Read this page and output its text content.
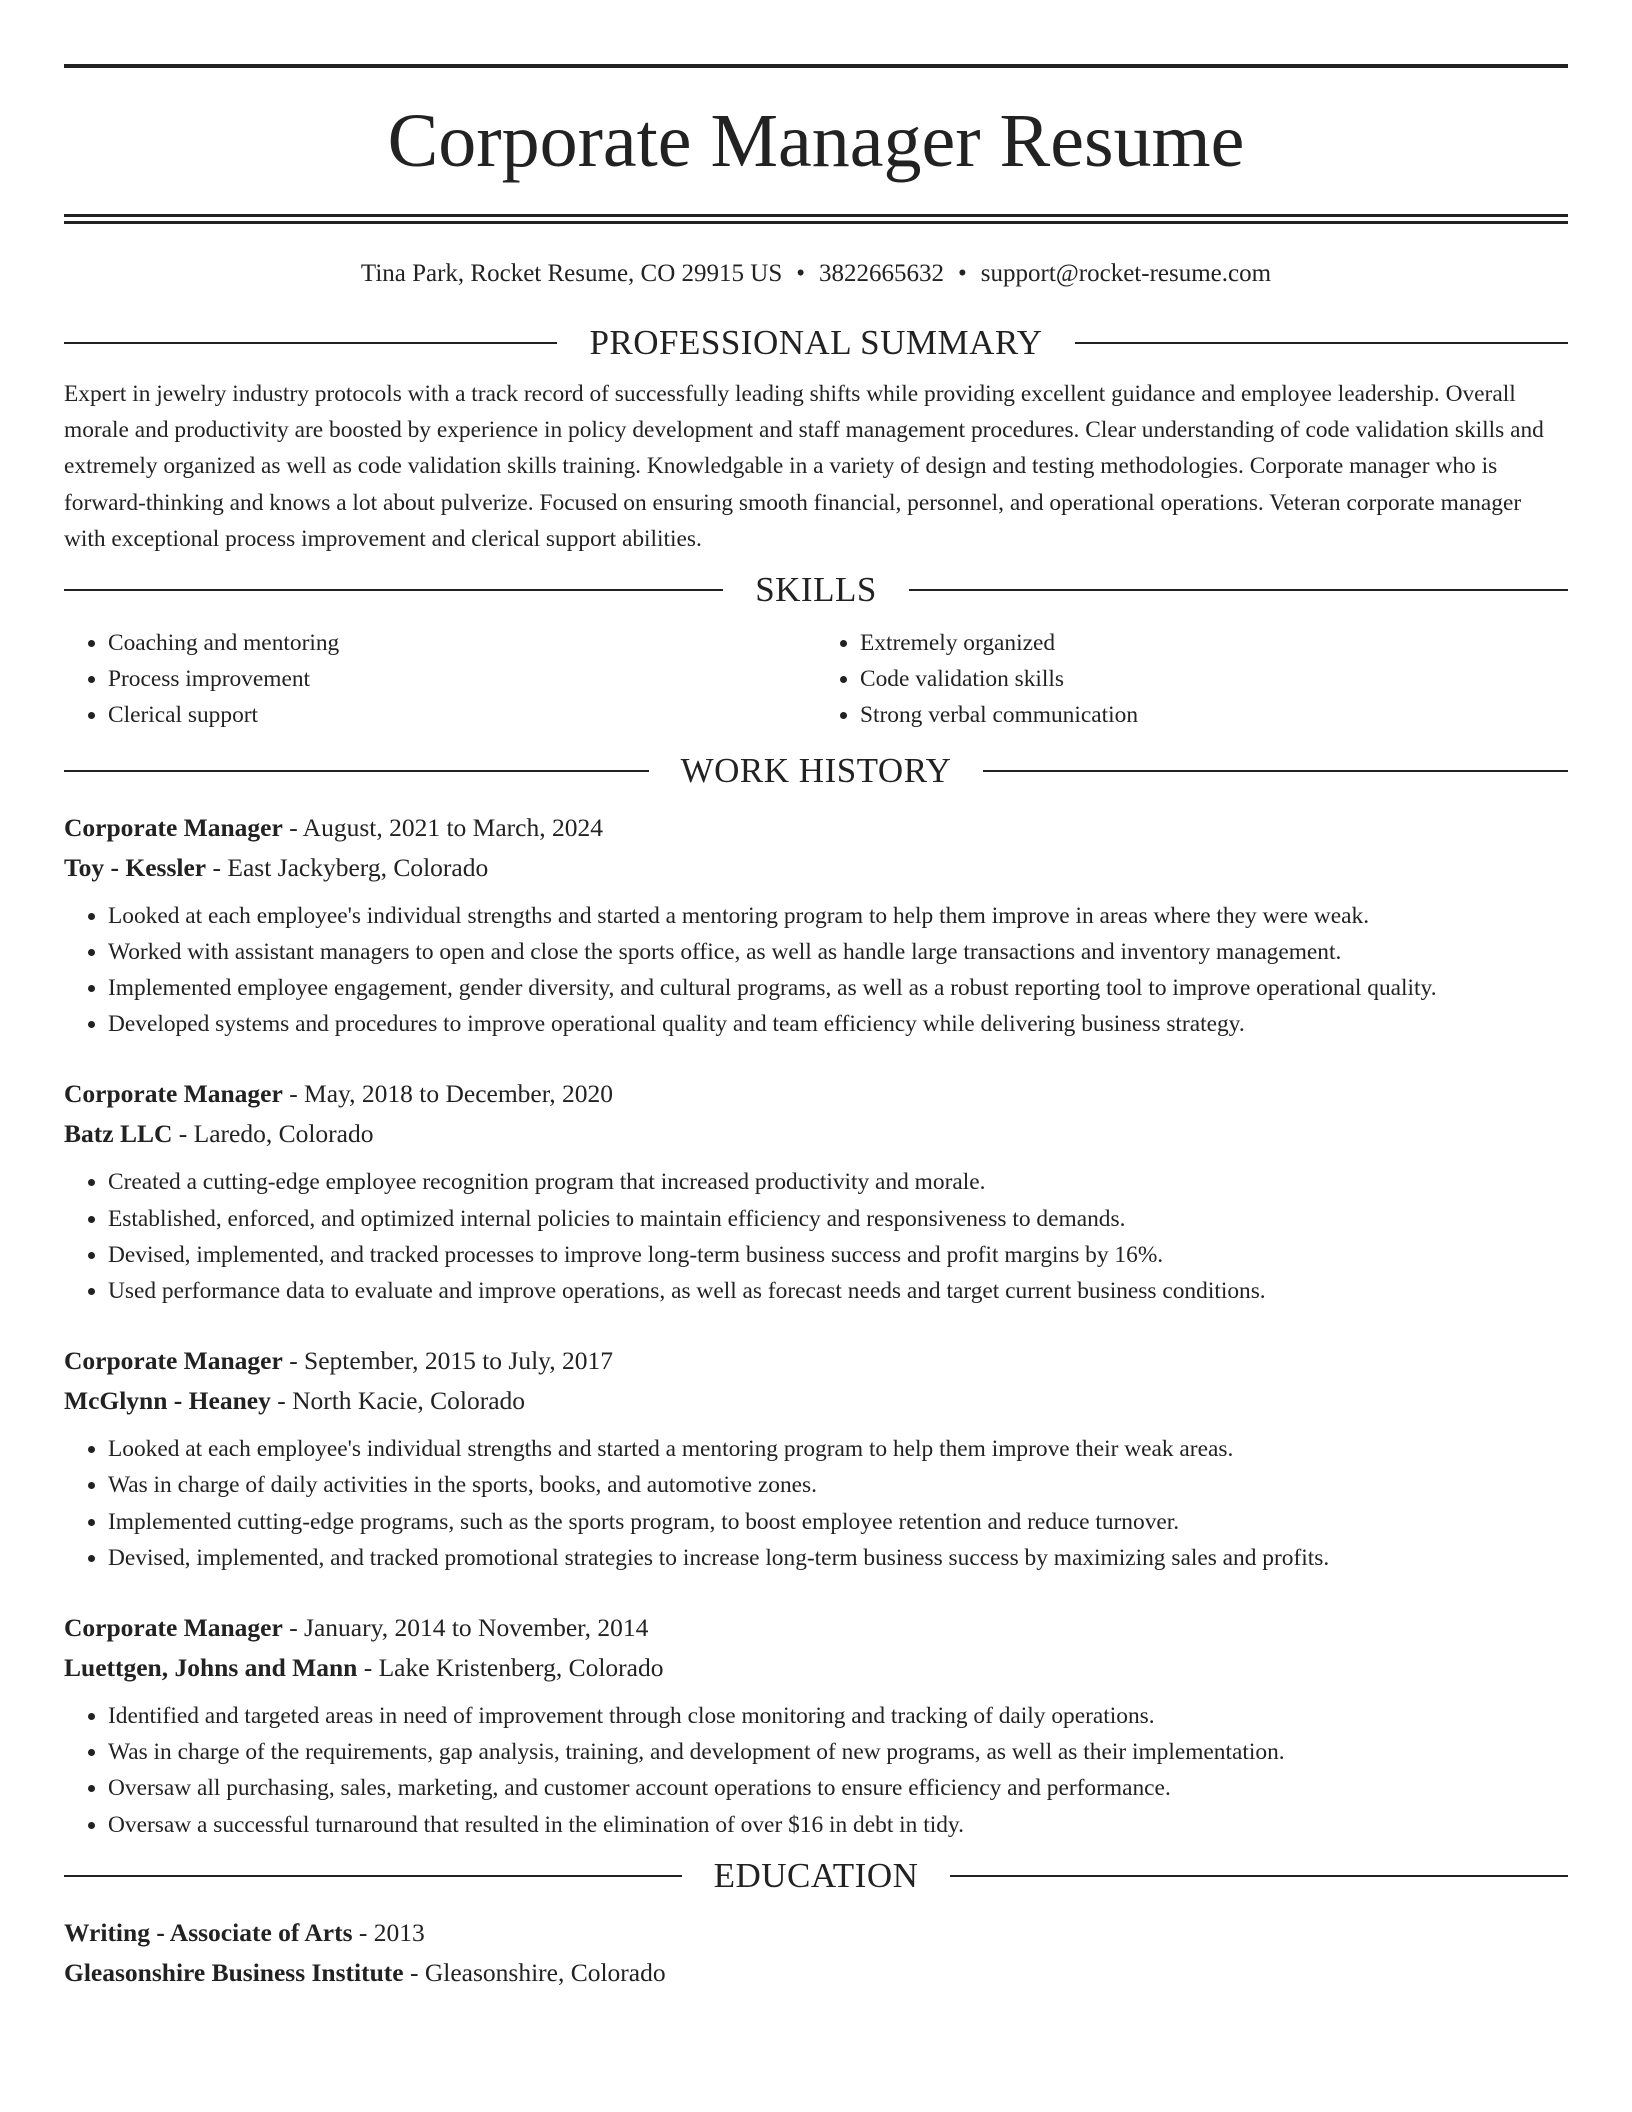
Corporate Manager Resume
Tina Park, Rocket Resume, CO 29915 US • 3822665632 • support@rocket-resume.com
PROFESSIONAL SUMMARY

Expert in jewelry industry protocols with a track record of successfully leading shifts while providing excellent guidance and employee leadership. Overall morale and productivity are boosted by experience in policy development and staff management procedures. Clear understanding of code validation skills and extremely organized as well as code validation skills training. Knowledgable in a variety of design and testing methodologies. Corporate manager who is forward-thinking and knows a lot about pulverize. Focused on ensuring smooth financial, personnel, and operational operations. Veteran corporate manager with exceptional process improvement and clerical support abilities.

SKILLS
• Coaching and mentoring
• Process improvement
• Clerical support
• Extremely organized
• Code validation skills
• Strong verbal communication
WORK HISTORY
Corporate Manager - August, 2021 to March, 2024
Toy - Kessler - East Jackyberg, Colorado
• Looked at each employee's individual strengths and started a mentoring program to help them improve in areas where they were weak.
• Worked with assistant managers to open and close the sports office, as well as handle large transactions and inventory management.
• Implemented employee engagement, gender diversity, and cultural programs, as well as a robust reporting tool to improve operational quality.
• Developed systems and procedures to improve operational quality and team efficiency while delivering business strategy.
Corporate Manager - May, 2018 to December, 2020
Batz LLC - Laredo, Colorado
• Created a cutting-edge employee recognition program that increased productivity and morale.
• Established, enforced, and optimized internal policies to maintain efficiency and responsiveness to demands.
• Devised, implemented, and tracked processes to improve long-term business success and profit margins by 16%.
• Used performance data to evaluate and improve operations, as well as forecast needs and target current business conditions.
Corporate Manager - September, 2015 to July, 2017
McGlynn - Heaney - North Kacie, Colorado
• Looked at each employee's individual strengths and started a mentoring program to help them improve their weak areas.
• Was in charge of daily activities in the sports, books, and automotive zones.
• Implemented cutting-edge programs, such as the sports program, to boost employee retention and reduce turnover.
• Devised, implemented, and tracked promotional strategies to increase long-term business success by maximizing sales and profits.
Corporate Manager - January, 2014 to November, 2014
Luettgen, Johns and Mann - Lake Kristenberg, Colorado
• Identified and targeted areas in need of improvement through close monitoring and tracking of daily operations.
• Was in charge of the requirements, gap analysis, training, and development of new programs, as well as their implementation.
• Oversaw all purchasing, sales, marketing, and customer account operations to ensure efficiency and performance.
• Oversaw a successful turnaround that resulted in the elimination of over $16 in debt in tidy.
EDUCATION
Writing - Associate of Arts - 2013
Gleasonshire Business Institute - Gleasonshire, Colorado
